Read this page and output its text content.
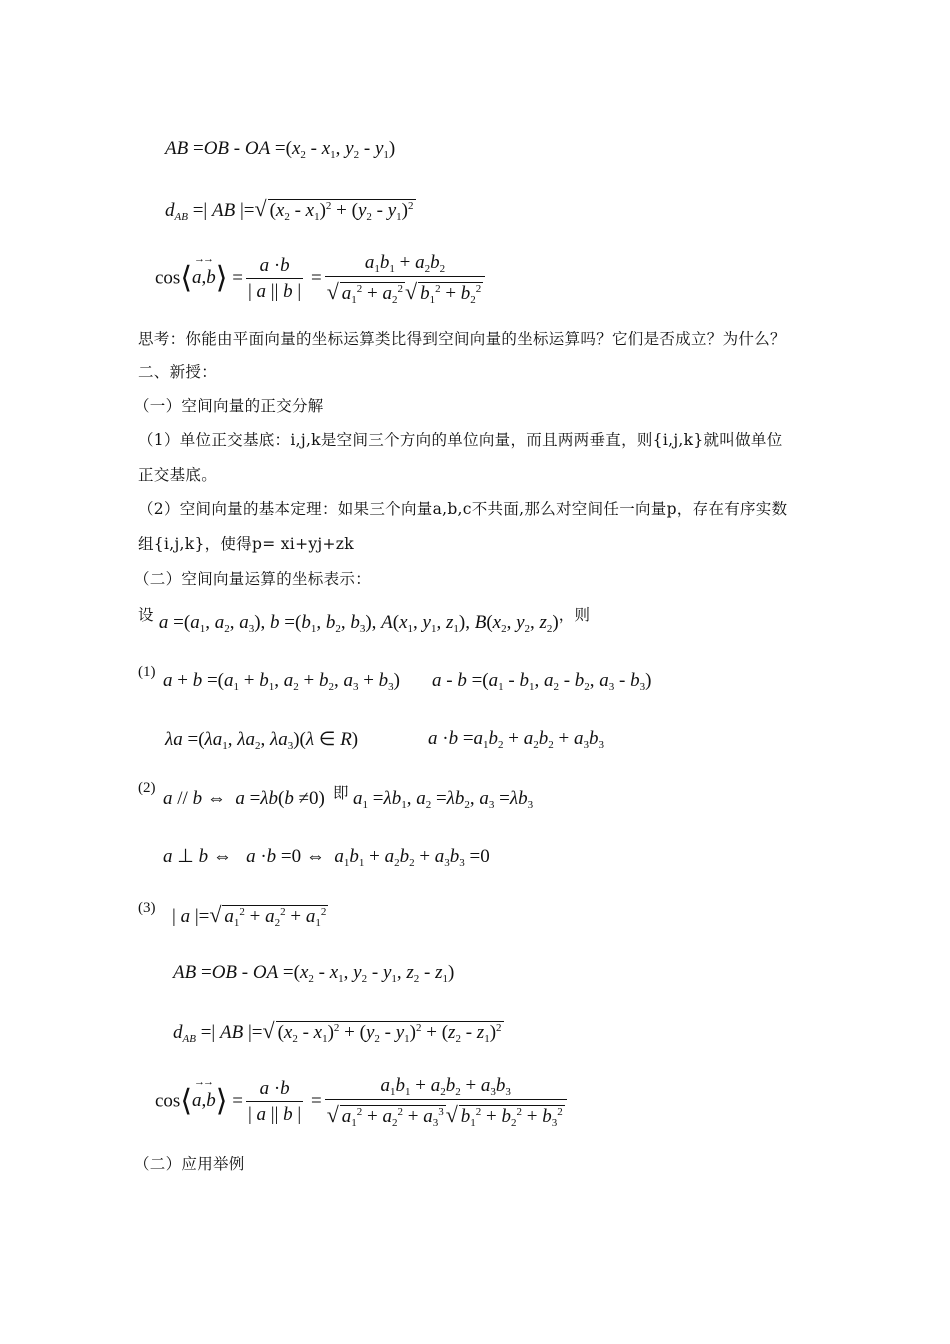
AB =OB - OA $=(x_2 - x_1$, $y_2 - y_1$)
$d_{AB}$ =| AB |=√ $(x_2 - x_1)^2 + (y_2 - y_1)^2$
cos⟨
→→
a,b⟩ = $\frac{a \cdot b}{| a || b |} = \frac{a_1b_1 + a_2b_2}{√ a_1^2 + a_2^2√ b_1^2 + b_2^2}$
思考：你能由平面向量的坐标运算类比得到空间向量的坐标运算吗？它们是否成立？为什么？
二、新授：
（一）空间向量的正交分解
（1）单位正交基底：i,j,k是空间三个方向的单位向量，而且两两垂直，则{i,j,k}就叫做单位
正交基底。
（2）空间向量的基本定理：如果三个向量a,b,c不共面,那么对空间任一向量p，存在有序实数
组{i,j,k}，使得p= xi+yj+zk
（二）空间向量运算的坐标表示：
设 $a =(a_1$, $a_2$, $a_3$), $b =(b_1$, $b_2$, $b_3$), $A(x_1$, $y_1$, $z_1$), $B(x_2$, $y_2$, $z_2$)，则
(1) $a + b =(a_1 + b_1$, $a_2 + b_2$, $a_3 + b_3$) $a - b =(a_1 - b_1$, $a_2 - b_2$, $a_3 - b_3$)
$\lambda a =(\lambda a_1$, $\lambda a_2$, $\lambda a_3)(\lambda$ ∈ R)	$a \cdot b =a_1b_2 + a_2b_2 + a_3b_3$
(2) a // b ⇔  a =λb(b ≠0) 即 $a_1 =\lambda b_1$, $a_2 =\lambda b_2$, $a_3 =\lambda b_3$
a ⊥ b ⇔   a ·b =0 ⇔  $a_1b_1 + a_2b_2 + a_3b_3 =0$
(3) | a |=√ $a_1^2 + a_2^2 + a_1^2$
AB =OB - OA $=(x_2 - x_1$, $y_2 - y_1$, $z_2 - z_1$)
$d_{AB}$ =| AB |=√ $(x_2 - x_1)^2 + (y_2 - y_1)^2 + (z_2 - z_1)^2$
cos⟨
→→
a,b⟩ = $\frac{a \cdot b}{| a || b |} = \frac{a_1b_1 + a_2b_2 + a_3b_3}{√ a_1^2 + a_2^2 + a_3^3√ b_1^2 + b_2^2 + b_3^2}$
（二）应用举例
